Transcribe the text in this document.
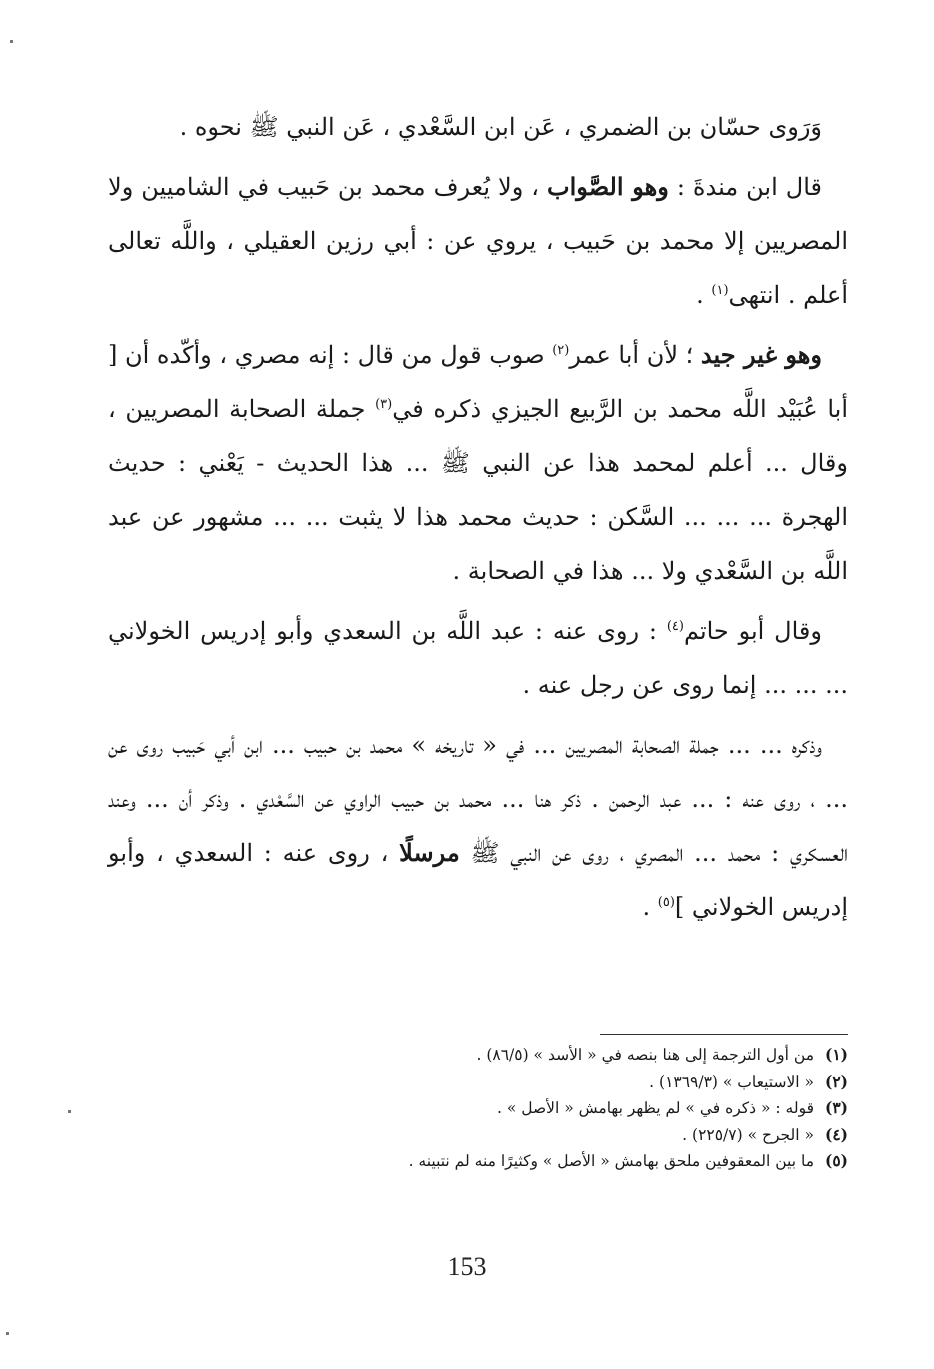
وَرَوى حسّان بن الضمري ، عَن ابن السَّعْدي ، عَن النبي ﷺ نحوه .

قال ابن مندةَ : وهو الصَّواب ، ولا يُعرف محمد بن حَبيب في الشاميين ولا المصريين إلا محمد بن حَبيب ، يروي عن : أبي رزين العقيلي ، واللَّه تعالى أعلم . انتهى$^{(١)}$ .

وهو غير جيد ؛ لأن أبا عمر$^{(٢)}$ صوب قول من قال : إنه مصري ، وأكّده أن [ أبا عُبَيْد اللَّه محمد بن الرَّبيع الجيزي ذكره في$^{(٣)}$ جملة الصحابة المصريين ، وقال ... أعلم لمحمد هذا عن النبي ﷺ ... هذا الحديث - يَعْني : حديث الهجرة ... ... ... السَّكن : حديث محمد هذا لا يثبت ... ... مشهور عن عبد اللَّه بن السَّعْدي ولا ... هذا في الصحابة .

وقال أبو حاتم$^{(٤)}$ : روى عنه : عبد اللَّه بن السعدي وأبو إدريس الخولاني ... ... ... إنما روى عن رجل عنه .

وذكره ... ... جملة الصحابة المصريين ... في « تاريخه » محمد بن حبيب ... ابن أبي حَبيب روى عن ... ، روى عنه : ... عبد الرحمن . ذكر هنا ... محمد بن حبيب الراوي عن السَّعْدي . وذكر أن ... وعند العسكري : محمد ... المصري ، روى عن النبي ﷺ مرسلًا ، روى عنه : السعدي ، وأبو إدريس الخولاني ]$^{(٥)}$ .

(١)من أول الترجمة إلى هنا بنصه في « الأسد » (٨٦/٥) .
(٢)« الاستيعاب » (١٣٦٩/٣) .
(٣)قوله : « ذكره في » لم يظهر بهامش « الأصل » .
(٤)« الجرح » (٢٢٥/٧) .
(٥)ما بين المعقوفين ملحق بهامش « الأصل » وكثيرًا منه لم نتبينه .
153
